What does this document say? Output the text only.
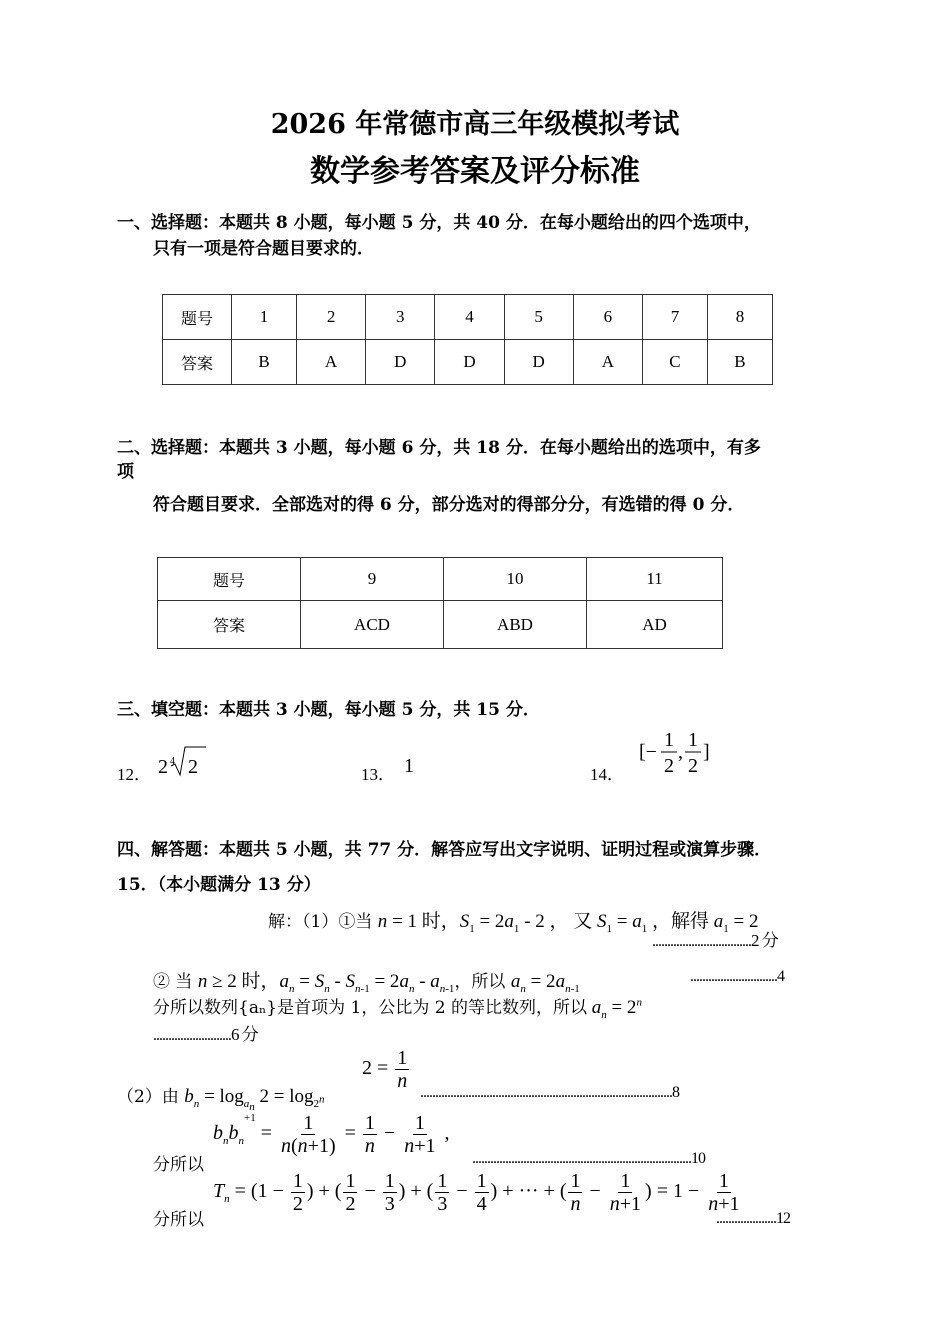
2026 年常德市高三年级模拟考试
数学参考答案及评分标准
一、选择题：本题共 8 小题，每小题 5 分，共 40 分．在每小题给出的四个选项中，
只有一项是符合题目要求的．
题号	1	2	3	4	5	6	7	8
答案	B	A	D	D	D	A	C	B
二、选择题：本题共 3 小题，每小题 6 分，共 18 分．在每小题给出的选项中，有多
项
符合题目要求．全部选对的得 6 分，部分选对的得部分分，有选错的得 0 分．
题号	9	10	11
答案	ACD	ABD	AD
三、填空题：本题共 3 小题，每小题 5 分，共 15 分．
12． 2 4 2	13． 1	14．
[−
1
2
,
1
2
]
四、解答题：本题共 5 小题，共 77 分．解答应写出文字说明、证明过程或演算步骤．
15．（本小题满分 13 分）
解：（1）①当 n = 1 时，$S_1 = 2a_1 - 2$ ， 又 $S_1 = a_1$ ，解得 $a_1 = 2$
.................................2 分
② 当 n ≥ 2 时，$a_n = S_n - S_{n-1} = 2a_n - a_{n-1}$，所以 $a_n = 2a_{n-1}$
.............................4
分所以数列{aₙ}是首项为 1，公比为 2 的等比数列，所以 $a_n = 2^n$
..........................6 分
（2）由 $b_n = \log_{a_n} 2 = \log_{2^n}$
$2 = \frac{1}{n}$
....................................................................................8
分所以
$b_nb_n^{+1} = \frac{1}{n(n+1)} = \frac{1}{n} - \frac{1}{n+1}$ ,
.........................................................................10
分所以
$T_n = (1 - \frac{1}{2}$ ) + ( $\frac{1}{2} - \frac{1}{3}$ ) + ( $\frac{1}{3} - \frac{1}{4}$ ) + ··· + ( $\frac{1}{n} - \frac{1}{n+1}$ ) = $1 - \frac{1}{n+1}$
....................12
